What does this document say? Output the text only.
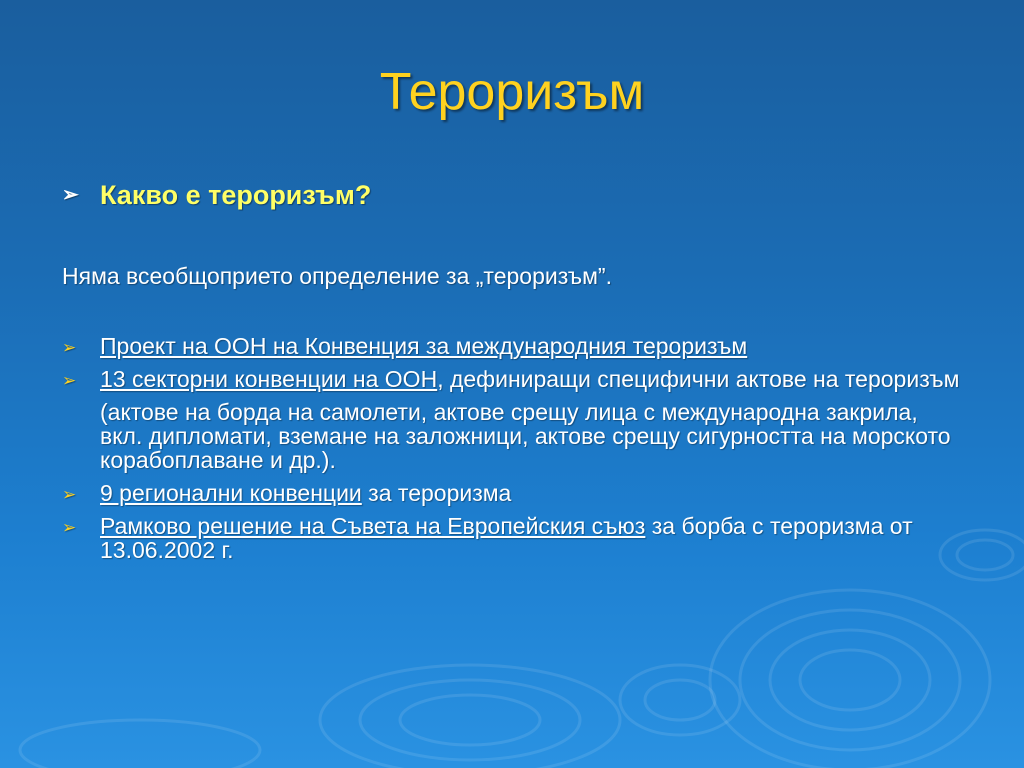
Тероризъм
➢ Какво е тероризъм?
Няма всеобщоприето определение за „тероризъм”.
➢ Проект на ООН на Конвенция за международния тероризъм
➢ 13 секторни конвенции на ООН, дефиниращи специфични актове на тероризъм
(актове на борда на самолети, актове срещу лица с международна закрила, вкл. дипломати, вземане на заложници, актове срещу сигурността на морското корабоплаване и др.).
➢ 9 регионални конвенции за тероризма
➢ Рамково решение на Съвета на Европейския съюз за борба с тероризма от 13.06.2002 г.
